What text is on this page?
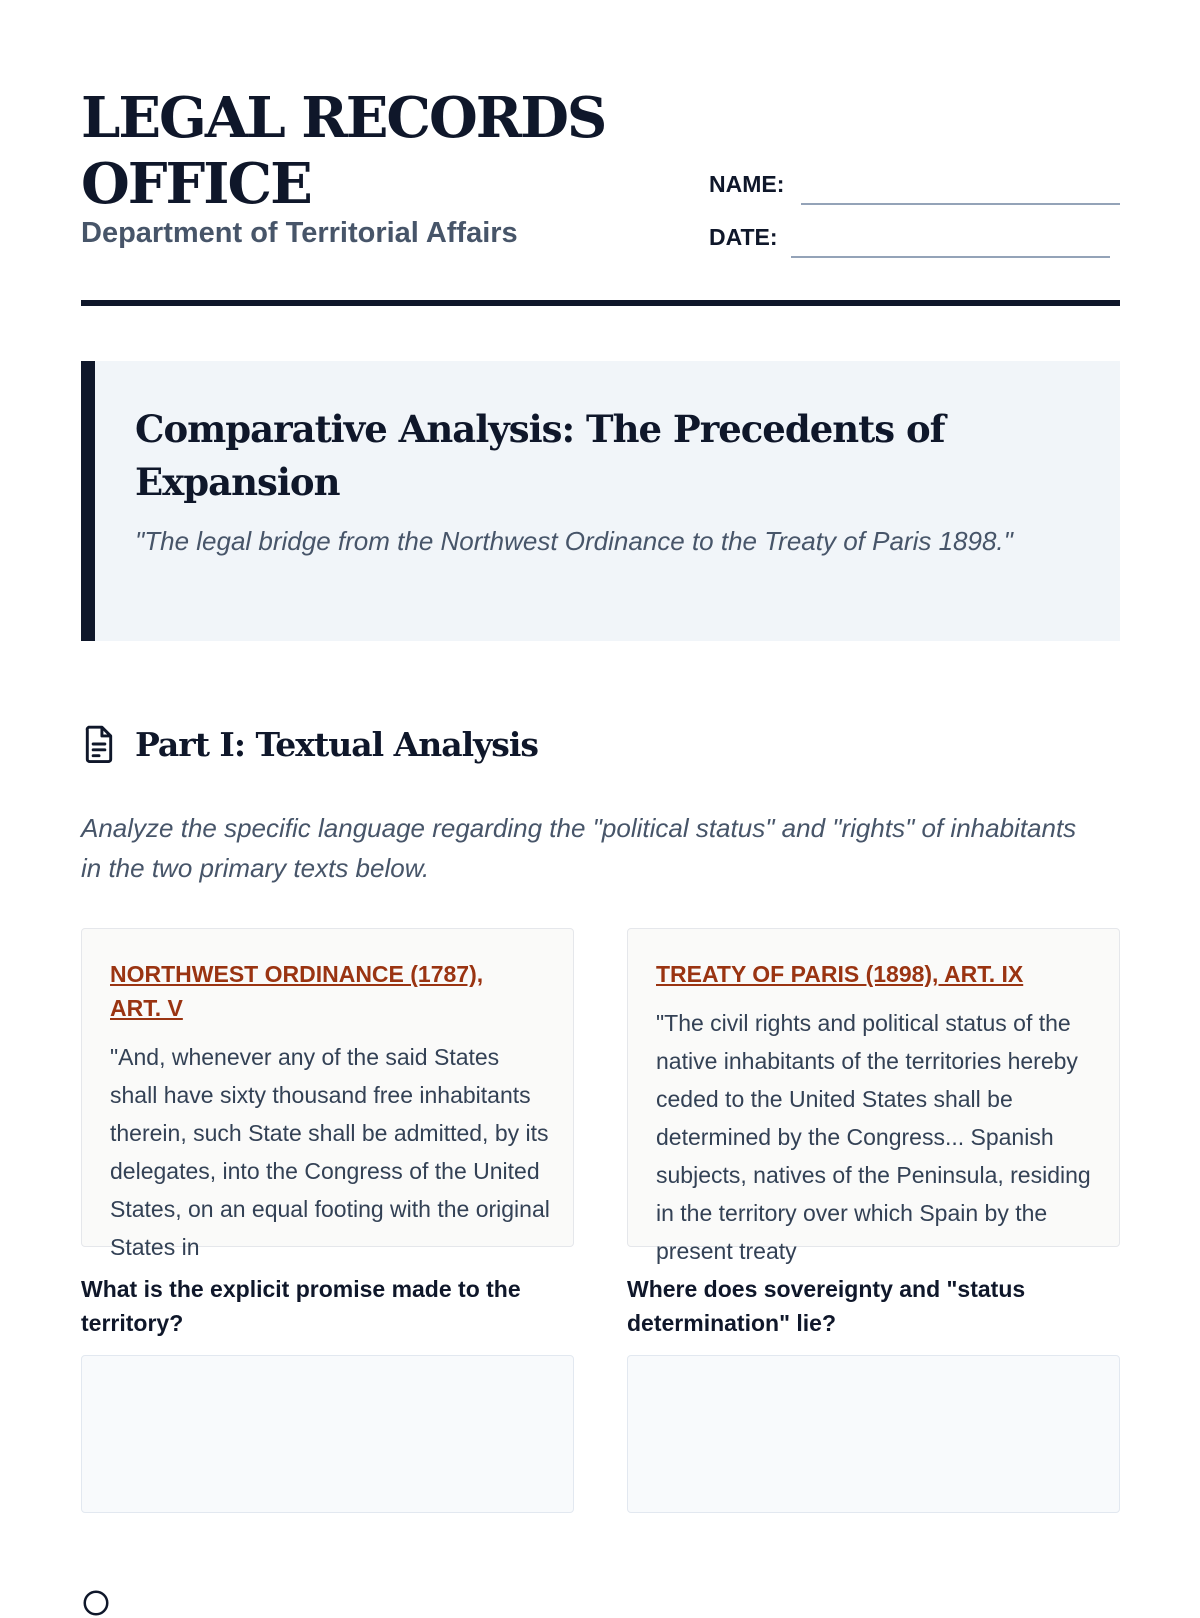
LEGAL RECORDS OFFICE

Department of Territorial Affairs

NAME:
DATE:
Comparative Analysis: The Precedents of Expansion

"The legal bridge from the Northwest Ordinance to the Treaty of Paris 1898."

Part I: Textual Analysis

Analyze the specific language regarding the "political status" and "rights" of inhabitants in the two primary texts below.

NORTHWEST ORDINANCE (1787), ART. V

"And, whenever any of the said States shall have sixty thousand free inhabitants therein, such State shall be admitted, by its delegates, into the Congress of the United States, on an equal footing with the original States in

TREATY OF PARIS (1898), ART. IX

"The civil rights and political status of the native inhabitants of the territories hereby ceded to the United States shall be determined by the Congress... Spanish subjects, natives of the Peninsula, residing in the territory over which Spain by the present treaty

What is the explicit promise made to the territory?

Where does sovereignty and "status determination" lie?
